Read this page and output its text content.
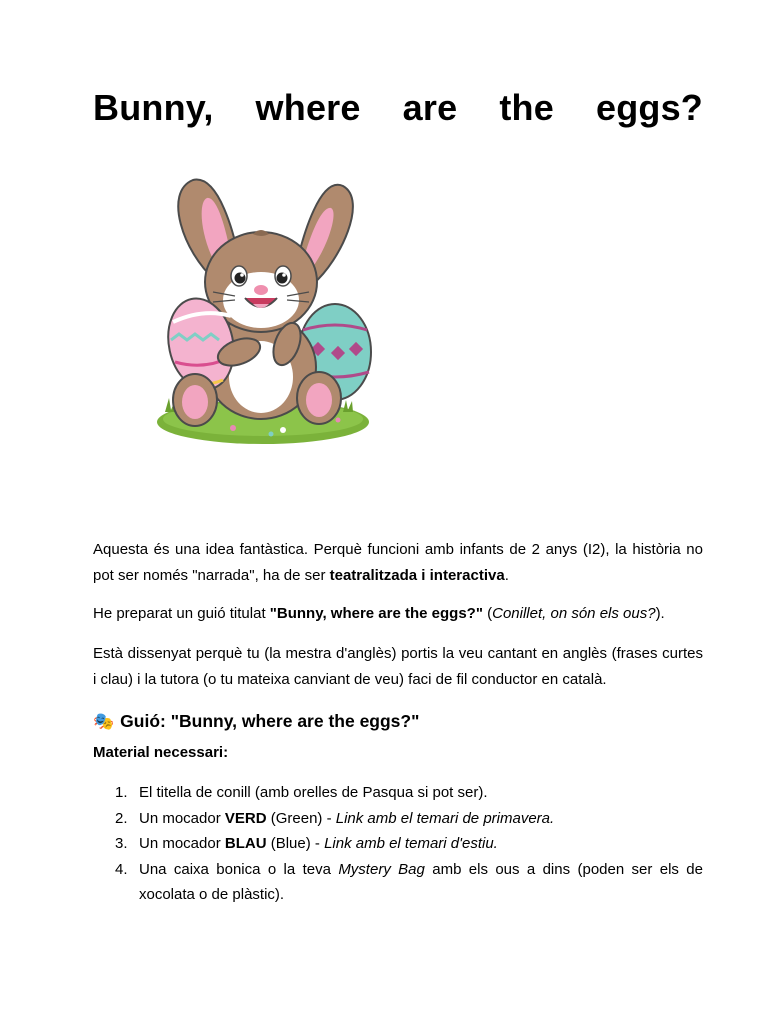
Bunny, where are the eggs?

Aquesta és una idea fantàstica. Perquè funcioni amb infants de 2 anys (I2), la història no pot ser només "narrada", ha de ser teatralitzada i interactiva.

He preparat un guió titulat "Bunny, where are the eggs?" (Conillet, on són els ous?).

Està dissenyat perquè tu (la mestra d'anglès) portis la veu cantant en anglès (frases curtes i clau) i la tutora (o tu mateixa canviant de veu) faci de fil conductor en català.

🎭 Guió: "Bunny, where are the eggs?"

Material necessari:

1. El titella de conill (amb orelles de Pasqua si pot ser).
2. Un mocador VERD (Green) - Link amb el temari de primavera.
3. Un mocador BLAU (Blue) - Link amb el temari d'estiu.
4. Una caixa bonica o la teva Mystery Bag amb els ous a dins (poden ser els de xocolata o de plàstic).
